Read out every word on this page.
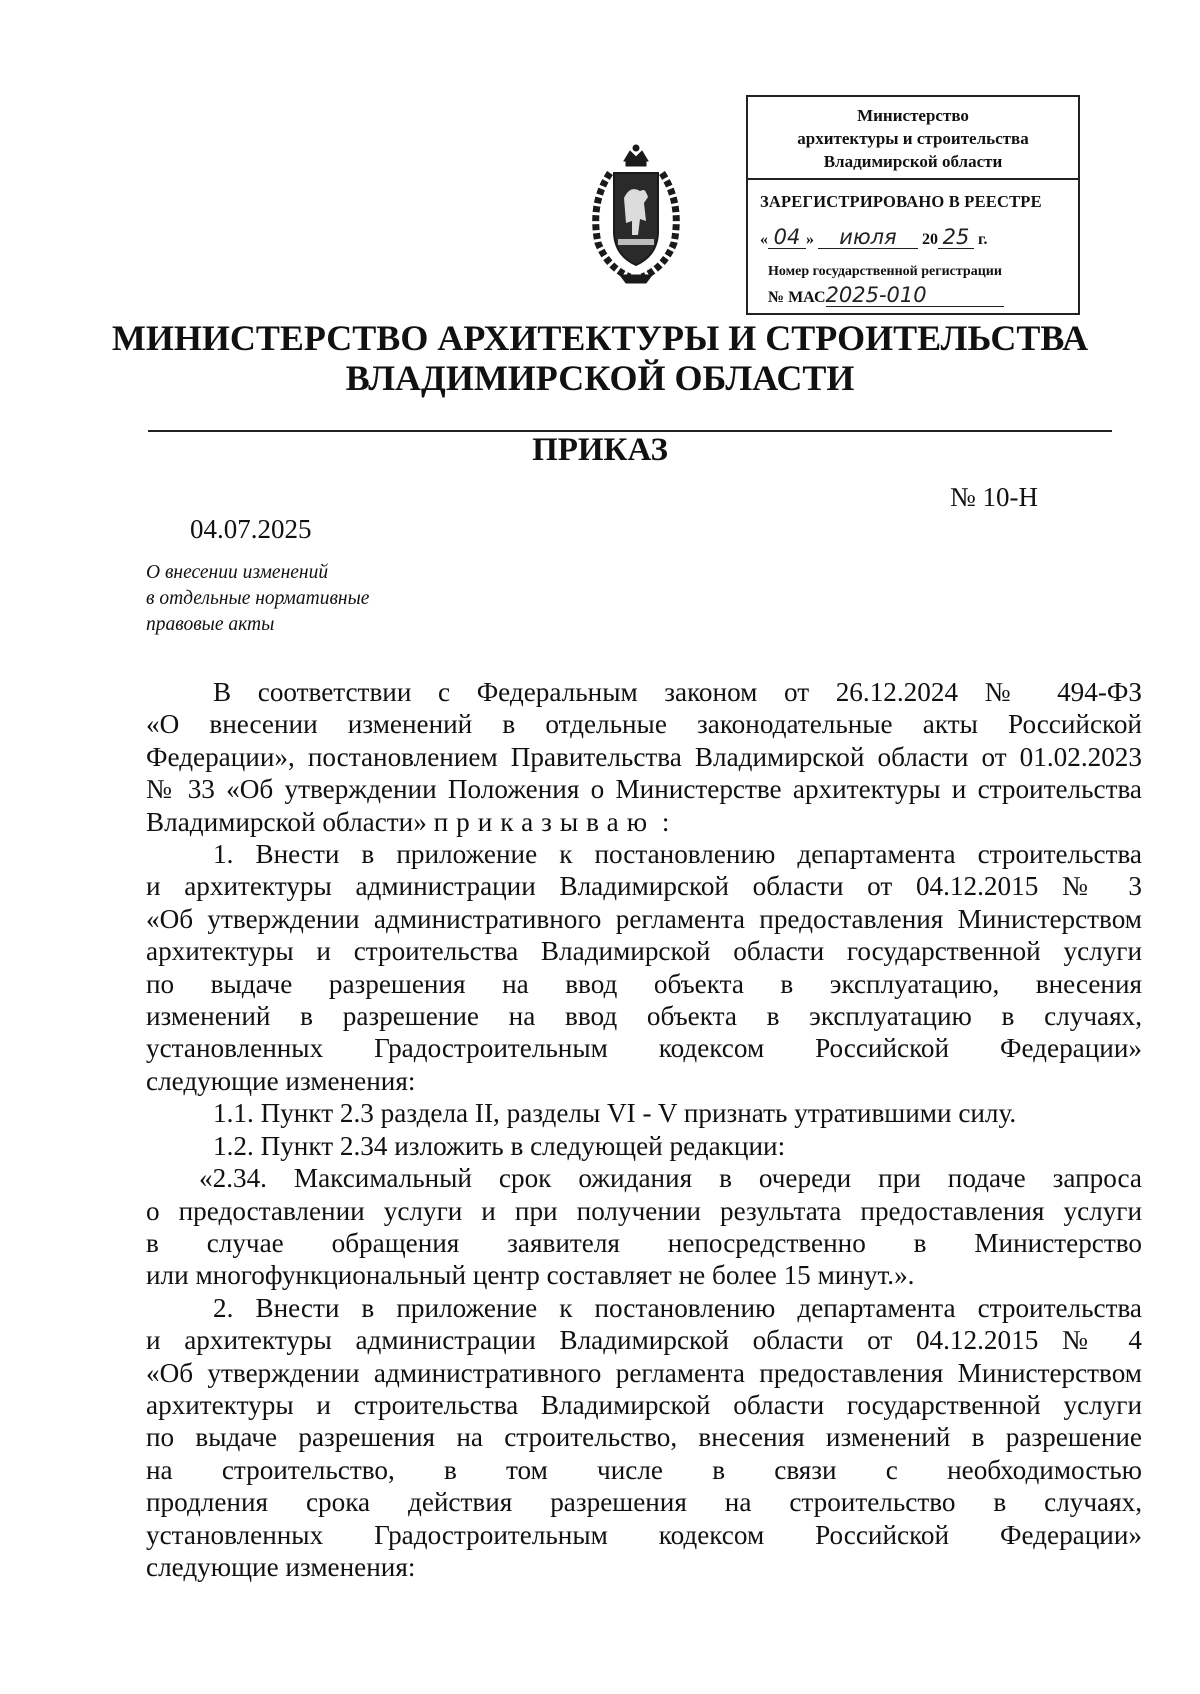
Министерство
архитектуры и строительства
Владимирской области
ЗАРЕГИСТРИРОВАНО В РЕЕСТРЕ
« 04 » июля 20 25 г.
Номер государственной регистрации
№ МАС2025-010
МИНИСТЕРСТВО АРХИТЕКТУРЫ И СТРОИТЕЛЬСТВА
ВЛАДИМИРСКОЙ ОБЛАСТИ
ПРИКАЗ
№ 10-Н
04.07.2025
О внесении изменений
в отдельные нормативные
правовые акты

В соответствии с Федеральным законом от 26.12.2024 № 494-ФЗ

«О внесении изменений в отдельные законодательные акты Российской

Федерации», постановлением Правительства Владимирской области от 01.02.2023

№ 33 «Об утверждении Положения о Министерстве архитектуры и строительства

Владимирской области» приказываю :

1. Внести в приложение к постановлению департамента строительства

и архитектуры администрации Владимирской области от 04.12.2015 № 3

«Об утверждении административного регламента предоставления Министерством

архитектуры и строительства Владимирской области государственной услуги

по выдаче разрешения на ввод объекта в эксплуатацию, внесения

изменений в разрешение на ввод объекта в эксплуатацию в случаях,

установленных Градостроительным кодексом Российской Федерации»

следующие изменения:

1.1. Пункт 2.3 раздела II, разделы VI - V признать утратившими силу.

1.2. Пункт 2.34 изложить в следующей редакции:

«2.34. Максимальный срок ожидания в очереди при подаче запроса

о предоставлении услуги и при получении результата предоставления услуги

в случае обращения заявителя непосредственно в Министерство

или многофункциональный центр составляет не более 15 минут.».

2. Внести в приложение к постановлению департамента строительства

и архитектуры администрации Владимирской области от 04.12.2015 № 4

«Об утверждении административного регламента предоставления Министерством

архитектуры и строительства Владимирской области государственной услуги

по выдаче разрешения на строительство, внесения изменений в разрешение

на строительство, в том числе в связи с необходимостью

продления срока действия разрешения на строительство в случаях,

установленных Градостроительным кодексом Российской Федерации»

следующие изменения:
